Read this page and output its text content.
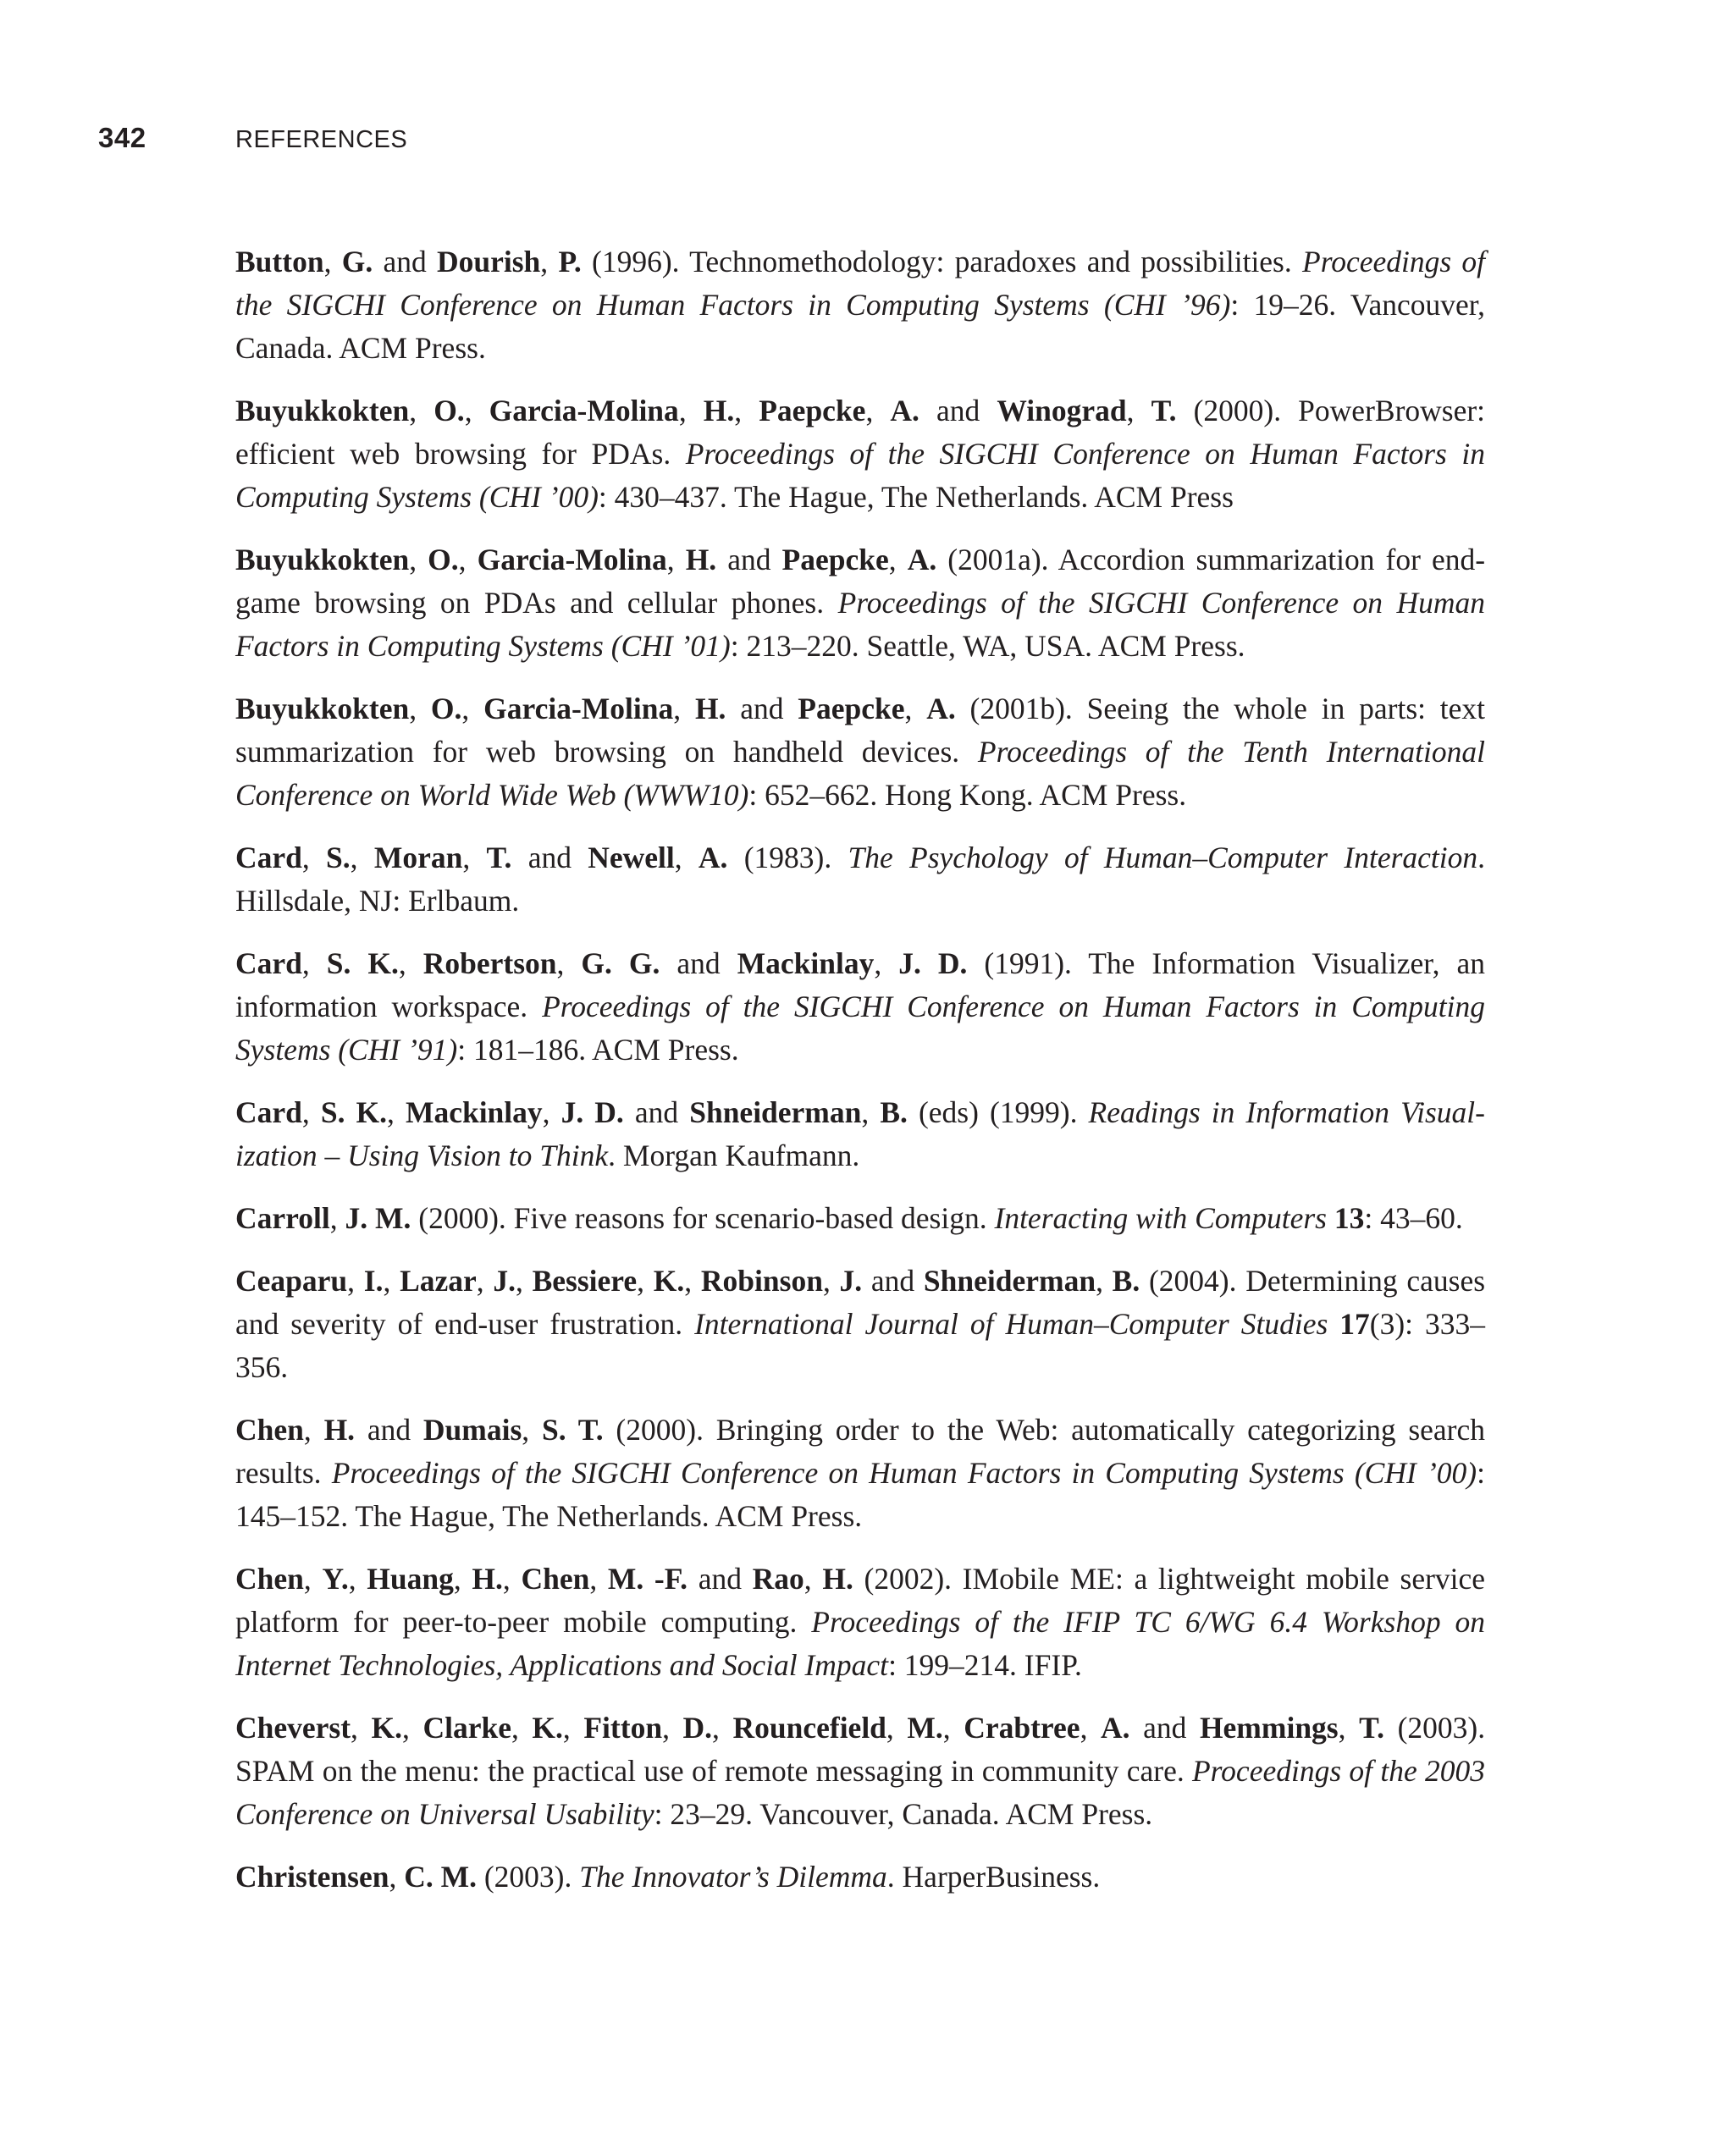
342	REFERENCES

Button, G. and Dourish, P. (1996). Technomethodology: paradoxes and possibilities. Proceedings of the SIGCHI Conference on Human Factors in Computing Systems (CHI ’96): 19–26. Vancouver, Canada. ACM Press.

Buyukkokten, O., Garcia-Molina, H., Paepcke, A. and Winograd, T. (2000). PowerBrowser: efficient web browsing for PDAs. Proceedings of the SIGCHI Conference on Human Factors in Computing Systems (CHI ’00): 430–437. The Hague, The Netherlands. ACM Press

Buyukkokten, O., Garcia-Molina, H. and Paepcke, A. (2001a). Accordion summarization for end-game browsing on PDAs and cellular phones. Proceedings of the SIGCHI Conference on Human Factors in Computing Systems (CHI ’01): 213–220. Seattle, WA, USA. ACM Press.

Buyukkokten, O., Garcia-Molina, H. and Paepcke, A. (2001b). Seeing the whole in parts: text summarization for web browsing on handheld devices. Proceedings of the Tenth International Conference on World Wide Web (WWW10): 652–662. Hong Kong. ACM Press.

Card, S., Moran, T. and Newell, A. (1983). The Psychology of Human–Computer Interaction. Hillsdale, NJ: Erlbaum.

Card, S. K., Robertson, G. G. and Mackinlay, J. D. (1991). The Information Visualizer, an information workspace. Proceedings of the SIGCHI Conference on Human Factors in Computing Systems (CHI ’91): 181–186. ACM Press.

Card, S. K., Mackinlay, J. D. and Shneiderman, B. (eds) (1999). Readings in Information Visualization – Using Vision to Think. Morgan Kaufmann.

Carroll, J. M. (2000). Five reasons for scenario-based design. Interacting with Computers 13: 43–60.

Ceaparu, I., Lazar, J., Bessiere, K., Robinson, J. and Shneiderman, B. (2004). Determining causes and severity of end-user frustration. International Journal of Human–Computer Studies 17(3): 333–356.

Chen, H. and Dumais, S. T. (2000). Bringing order to the Web: automatically categorizing search results. Proceedings of the SIGCHI Conference on Human Factors in Computing Systems (CHI ’00): 145–152. The Hague, The Netherlands. ACM Press.

Chen, Y., Huang, H., Chen, M. -F. and Rao, H. (2002). IMobile ME: a lightweight mobile service platform for peer-to-peer mobile computing. Proceedings of the IFIP TC 6/WG 6.4 Workshop on Internet Technologies, Applications and Social Impact: 199–214. IFIP.

Cheverst, K., Clarke, K., Fitton, D., Rouncefield, M., Crabtree, A. and Hemmings, T. (2003). SPAM on the menu: the practical use of remote messaging in community care. Proceedings of the 2003 Conference on Universal Usability: 23–29. Vancouver, Canada. ACM Press.

Christensen, C. M. (2003). The Innovator’s Dilemma. HarperBusiness.
